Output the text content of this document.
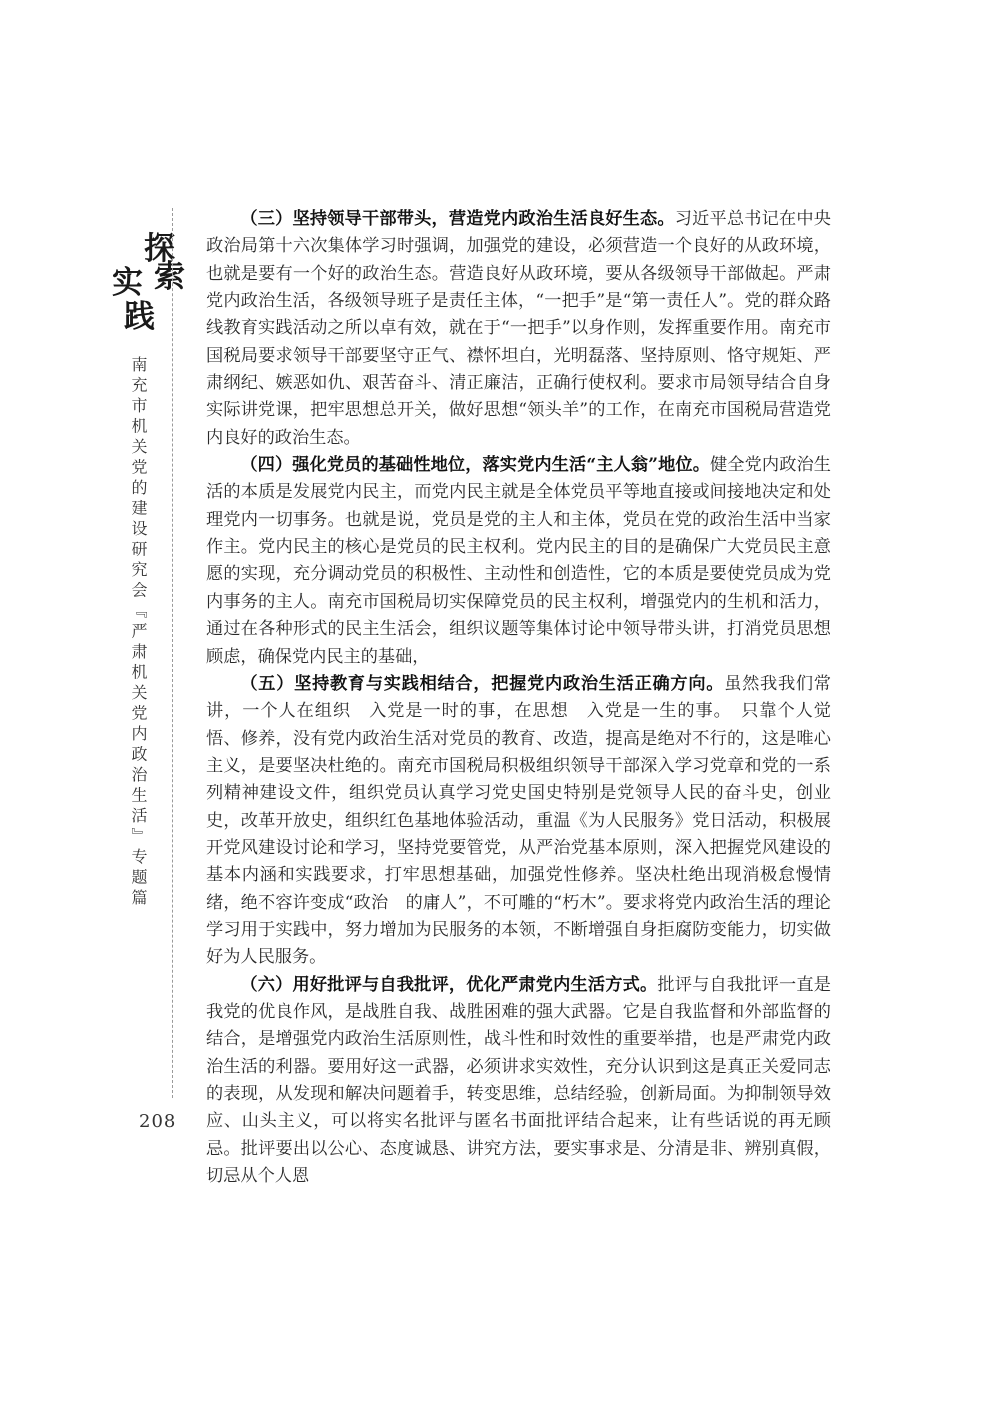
探
索
实
践
南充市机关党的建设研究会『严肃机关党内政治生活』专题篇
208

（三）坚持领导干部带头，营造党内政治生活良好生态。习近平总书记在中央政治局第十六次集体学习时强调，加强党的建设，必须营造一个良好的从政环境，也就是要有一个好的政治生态。营造良好从政环境，要从各级领导干部做起。严肃党内政治生活，各级领导班子是责任主体，“一把手”是“第一责任人”。党的群众路线教育实践活动之所以卓有效，就在于“一把手”以身作则，发挥重要作用。南充市国税局要求领导干部要坚守正气、襟怀坦白，光明磊落、坚持原则、恪守规矩、严肃纲纪、嫉恶如仇、艰苦奋斗、清正廉洁，正确行使权利。要求市局领导结合自身实际讲党课，把牢思想总开关，做好思想“领头羊”的工作，在南充市国税局营造党内良好的政治生态。

（四）强化党员的基础性地位，落实党内生活“主人翁”地位。健全党内政治生活的本质是发展党内民主，而党内民主就是全体党员平等地直接或间接地决定和处理党内一切事务。也就是说，党员是党的主人和主体，党员在党的政治生活中当家作主。党内民主的核心是党员的民主权利。党内民主的目的是确保广大党员民主意愿的实现，充分调动党员的积极性、主动性和创造性，它的本质是要使党员成为党内事务的主人。南充市国税局切实保障党员的民主权利，增强党内的生机和活力，通过在各种形式的民主生活会，组织议题等集体讨论中领导带头讲，打消党员思想顾虑，确保党内民主的基础，

（五）坚持教育与实践相结合，把握党内政治生活正确方向。虽然我我们常讲，一个人在组织　入党是一时的事，在思想　入党是一生的事。　只靠个人觉悟、修养，没有党内政治生活对党员的教育、改造，提高是绝对不行的，这是唯心主义，是要坚决杜绝的。南充市国税局积极组织领导干部深入学习党章和党的一系列精神建设文件，组织党员认真学习党史国史特别是党领导人民的奋斗史，创业史，改革开放史，组织红色基地体验活动，重温《为人民服务》党日活动，积极展开党风建设讨论和学习，坚持党要管党，从严治党基本原则，深入把握党风建设的基本内涵和实践要求，打牢思想基础，加强党性修养。坚决杜绝出现消极怠慢情绪，绝不容许变成“政治　的庸人”，不可雕的“朽木”。要求将党内政治生活的理论学习用于实践中，努力增加为民服务的本领，不断增强自身拒腐防变能力，切实做好为人民服务。

（六）用好批评与自我批评，优化严肃党内生活方式。批评与自我批评一直是我党的优良作风，是战胜自我、战胜困难的强大武器。它是自我监督和外部监督的结合，是增强党内政治生活原则性，战斗性和时效性的重要举措，也是严肃党内政治生活的利器。要用好这一武器，必须讲求实效性，充分认识到这是真正关爱同志的表现，从发现和解决问题着手，转变思维，总结经验，创新局面。为抑制领导效应、山头主义，可以将实名批评与匿名书面批评结合起来，让有些话说的再无顾忌。批评要出以公心、态度诚恳、讲究方法，要实事求是、分清是非、辨别真假，切忌从个人恩
